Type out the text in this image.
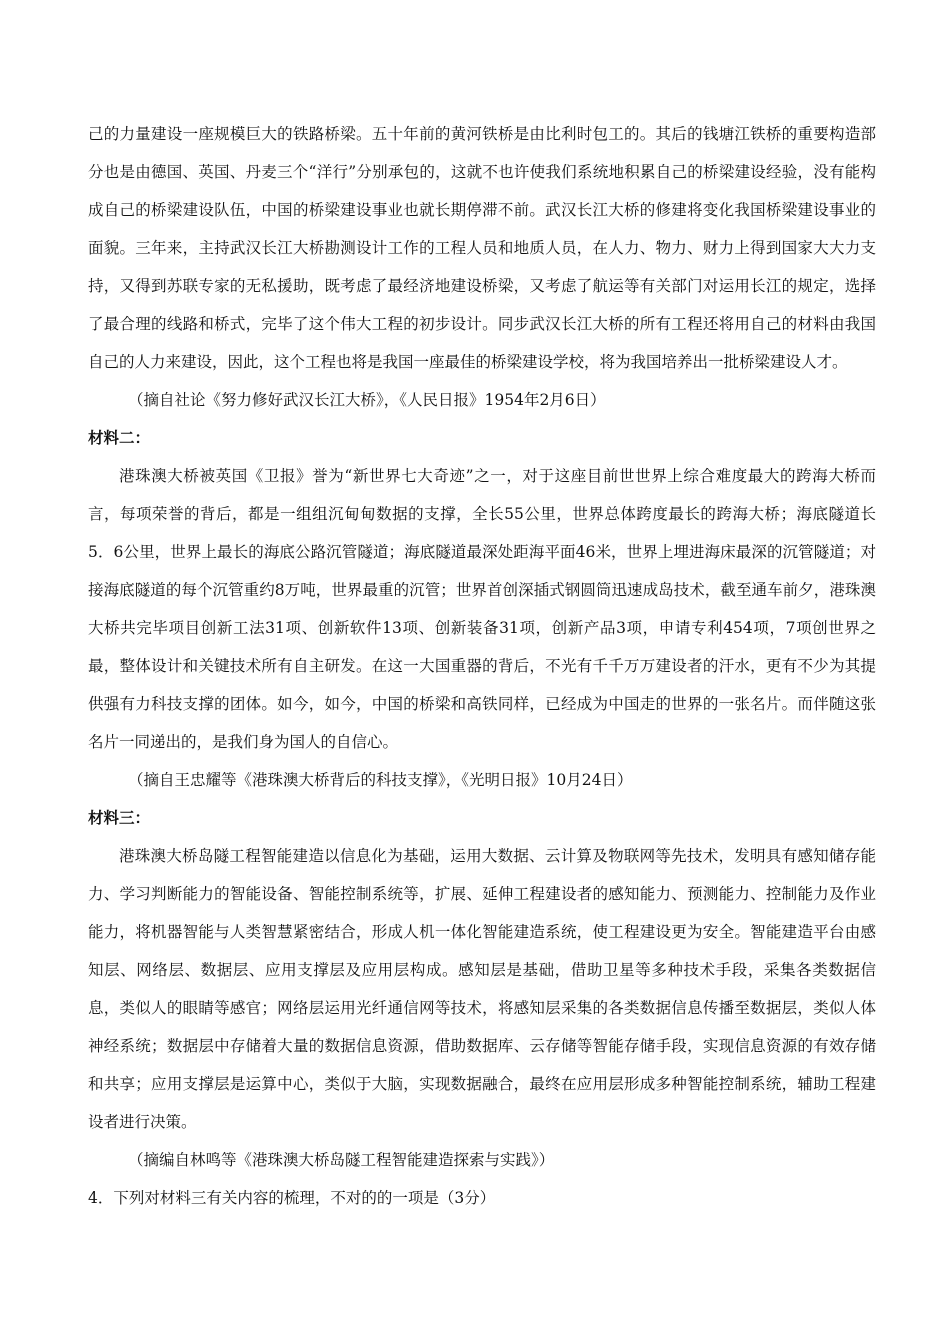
己的力量建设一座规模巨大的铁路桥梁。五十年前的黄河铁桥是由比利时包工的。其后的钱塘江铁桥的重要构造部分也是由德国、英国、丹麦三个“洋行”分别承包的，这就不也许使我们系统地积累自己的桥梁建设经验，没有能构成自己的桥梁建设队伍，中国的桥梁建设事业也就长期停滞不前。武汉长江大桥的修建将变化我国桥梁建设事业的面貌。三年来，主持武汉长江大桥勘测设计工作的工程人员和地质人员，在人力、物力、财力上得到国家大大力支持，又得到苏联专家的无私援助，既考虑了最经济地建设桥梁，又考虑了航运等有关部门对运用长江的规定，选择了最合理的线路和桥式，完毕了这个伟大工程的初步设计。同步武汉长江大桥的所有工程还将用自己的材料由我国自己的人力来建设，因此，这个工程也将是我国一座最佳的桥梁建设学校，将为我国培养出一批桥梁建设人才。

（摘自社论《努力修好武汉长江大桥》，《人民日报》1954年2月6日）

材料二：

港珠澳大桥被英国《卫报》誉为“新世界七大奇迹”之一，对于这座目前世世界上综合难度最大的跨海大桥而言，每项荣誉的背后，都是一组组沉甸甸数据的支撑，全长55公里，世界总体跨度最长的跨海大桥；海底隧道长5．6公里，世界上最长的海底公路沉管隧道；海底隧道最深处距海平面46米，世界上埋进海床最深的沉管隧道；对接海底隧道的每个沉管重约8万吨，世界最重的沉管；世界首创深插式钢圆筒迅速成岛技术，截至通车前夕，港珠澳大桥共完毕项目创新工法31项、创新软件13项、创新装备31项，创新产品3项，申请专利454项，7项创世界之最，整体设计和关键技术所有自主研发。在这一大国重器的背后，不光有千千万万建设者的汗水，更有不少为其提供强有力科技支撑的团体。如今，如今，中国的桥梁和高铁同样，已经成为中国走的世界的一张名片。而伴随这张名片一同递出的，是我们身为国人的自信心。

（摘自王忠耀等《港珠澳大桥背后的科技支撑》，《光明日报》10月24日）

材料三：

港珠澳大桥岛隧工程智能建造以信息化为基础，运用大数据、云计算及物联网等先技术，发明具有感知储存能力、学习判断能力的智能设备、智能控制系统等，扩展、延伸工程建设者的感知能力、预测能力、控制能力及作业能力，将机器智能与人类智慧紧密结合，形成人机一体化智能建造系统，使工程建设更为安全。智能建造平台由感知层、网络层、数据层、应用支撑层及应用层构成。感知层是基础，借助卫星等多种技术手段，采集各类数据信息，类似人的眼睛等感官；网络层运用光纤通信网等技术，将感知层采集的各类数据信息传播至数据层，类似人体神经系统；数据层中存储着大量的数据信息资源，借助数据库、云存储等智能存储手段，实现信息资源的有效存储和共享；应用支撑层是运算中心，类似于大脑，实现数据融合，最终在应用层形成多种智能控制系统，辅助工程建设者进行决策。

（摘编自林鸣等《港珠澳大桥岛隧工程智能建造探索与实践》）

4．下列对材料三有关内容的梳理，不对的的一项是（3分）
